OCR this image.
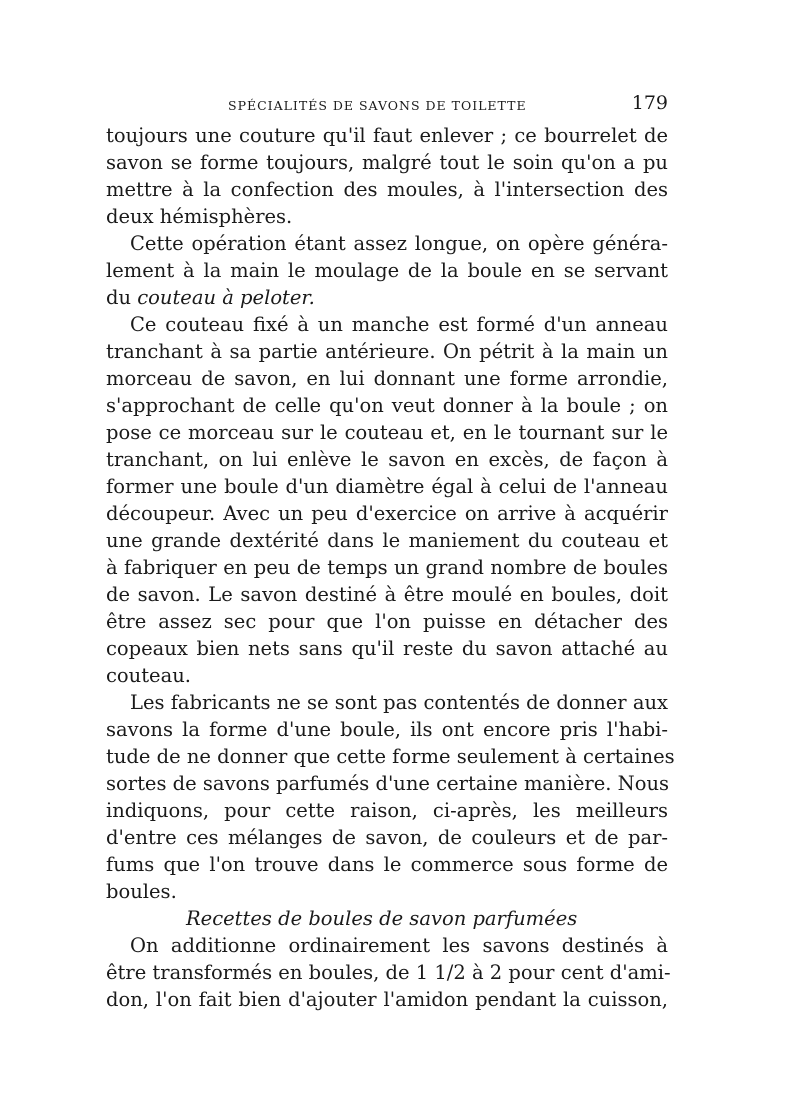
SPÉCIALITÉS DE SAVONS DE TOILETTE	179
toujours une couture qu'il faut enlever ; ce bourrelet de
savon se forme toujours, malgré tout le soin qu'on a pu
mettre à la confection des moules, à l'intersection des
deux hémisphères.
Cette opération étant assez longue, on opère généra-
lement à la main le moulage de la boule en se servant
du couteau à peloter.
Ce couteau fixé à un manche est formé d'un anneau
tranchant à sa partie antérieure. On pétrit à la main un
morceau de savon, en lui donnant une forme arrondie,
s'approchant de celle qu'on veut donner à la boule ; on
pose ce morceau sur le couteau et, en le tournant sur le
tranchant, on lui enlève le savon en excès, de façon à
former une boule d'un diamètre égal à celui de l'anneau
découpeur. Avec un peu d'exercice on arrive à acquérir
une grande dextérité dans le maniement du couteau et
à fabriquer en peu de temps un grand nombre de boules
de savon. Le savon destiné à être moulé en boules, doit
être assez sec pour que l'on puisse en détacher des
copeaux bien nets sans qu'il reste du savon attaché au
couteau.
Les fabricants ne se sont pas contentés de donner aux
savons la forme d'une boule, ils ont encore pris l'habi-
tude de ne donner que cette forme seulement à certaines
sortes de savons parfumés d'une certaine manière. Nous
indiquons, pour cette raison, ci-après, les meilleurs
d'entre ces mélanges de savon, de couleurs et de par-
fums que l'on trouve dans le commerce sous forme de
boules.
Recettes de boules de savon parfumées
On additionne ordinairement les savons destinés à
être transformés en boules, de 1 1/2 à 2 pour cent d'ami-
don, l'on fait bien d'ajouter l'amidon pendant la cuisson,
